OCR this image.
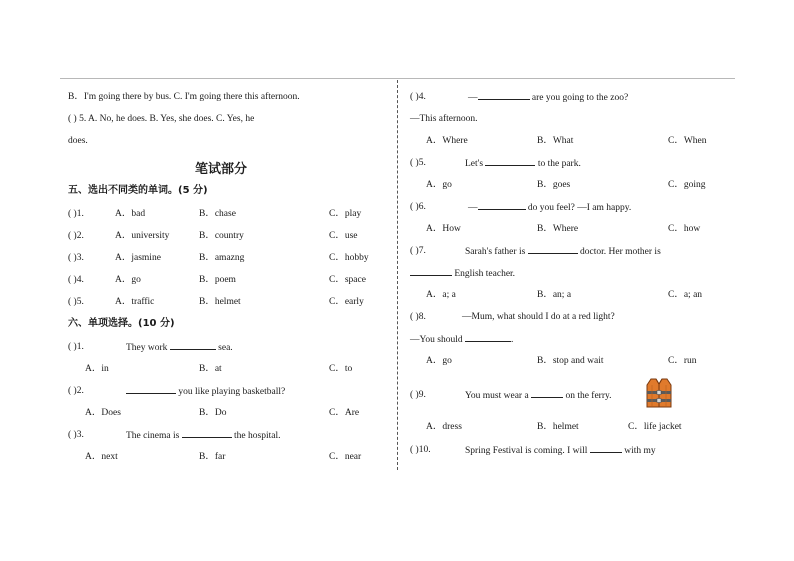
B．I'm going there by bus. C. I'm going there this afternoon.
( ) 5. A. No, he does. B. Yes, she does. C. Yes, he
does.
笔试部分
五、选出不同类的单词。(5 分)
( )1.	A．bad	B．chase	C．play
( )2.	A．university	B．country	C．use
( )3.	A．jasmine	B．amazng	C．hobby
( )4.	A．go	B．poem	C．space
( )5.	A．traffic	B．helmet	C．early
六、单项选择。(10 分)
( )1.	They work	sea.
A．in	B．at	C．to
( )2.	you like playing basketball?
A．Does	B．Do	C．Are
( )3.	The cinema is	the hospital.
A．next	B．far	C．near
( )4.	—	are you going to the zoo?
—This afternoon.
A．Where	B．What	C．When
( )5.	Let's	to the park.
A．go	B．goes	C．going
( )6.	—	do you feel? —I am happy.
A．How	B．Where	C．how
( )7.	Sarah's father is	doctor. Her mother is
English teacher.
A．a; a	B．an; a	C．a; an
( )8.	—Mum, what should I do at a red light?
—You should	.
A．go	B．stop and wait	C．run
( )9.	You must wear a	on the ferry.
A．dress	B．helmet	C．life jacket
( )10.	Spring Festival is coming. I will	with my
